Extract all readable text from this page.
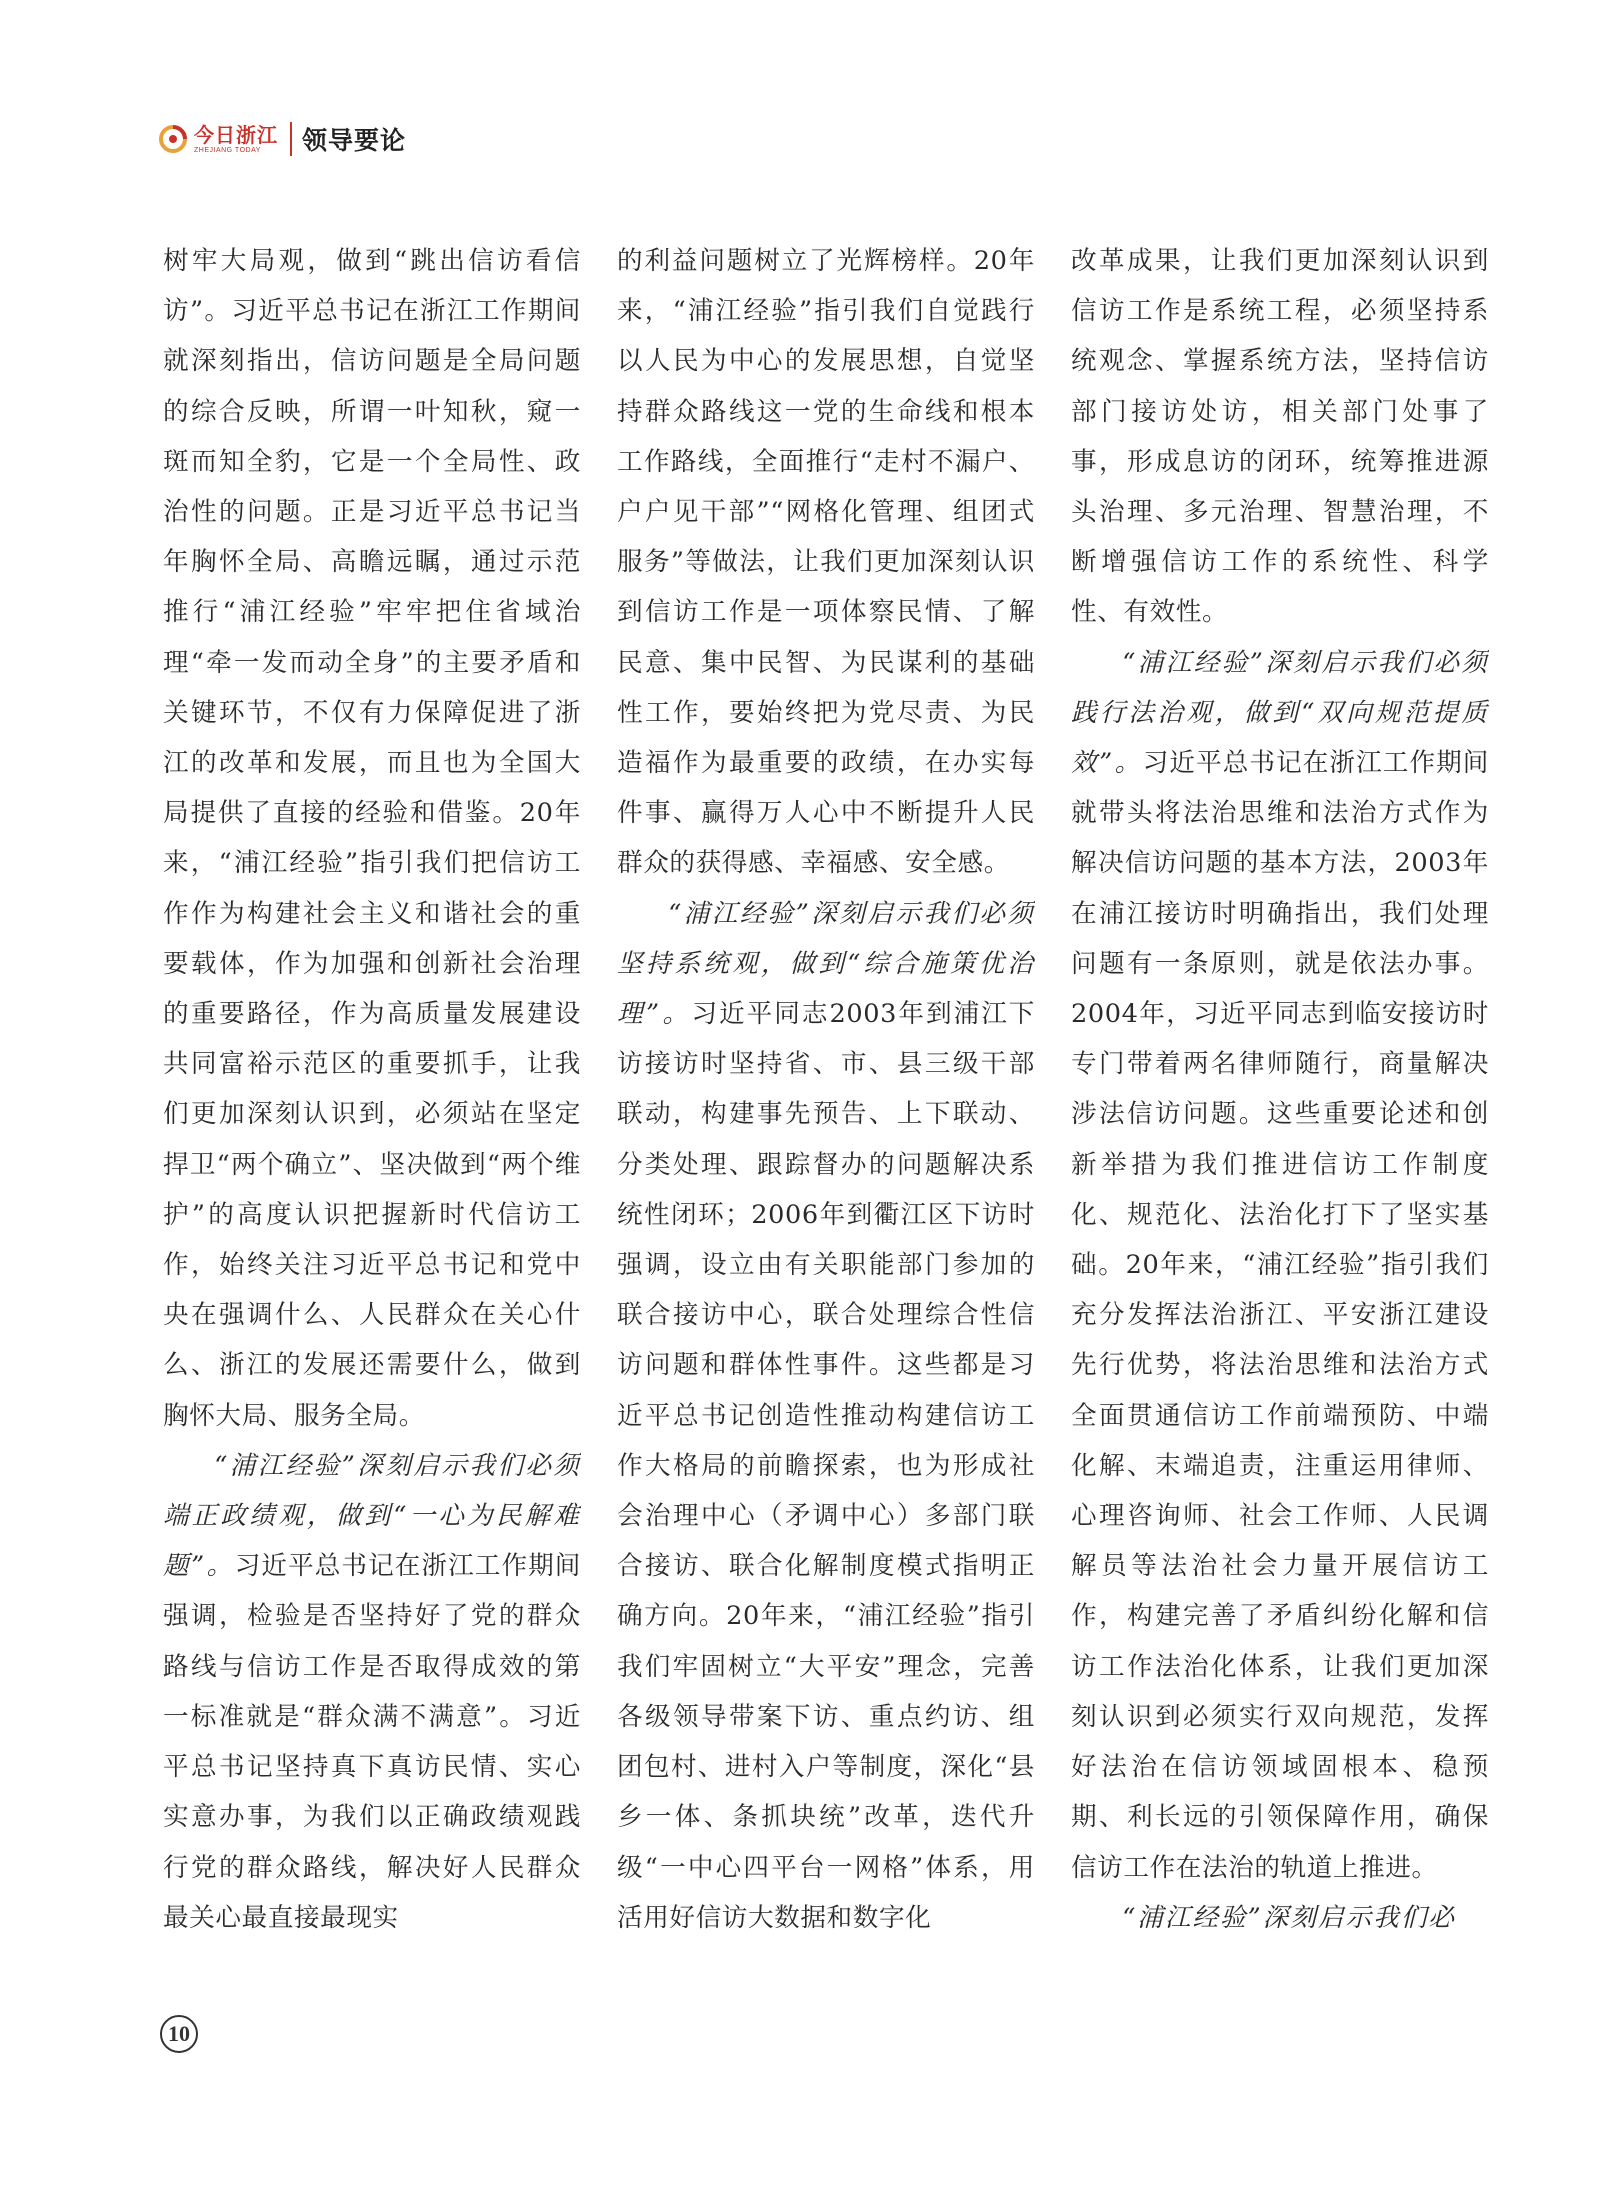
今日浙江
ZHEJIANG TODAY	领导要论

树牢大局观，做到“跳出信访看信访”。习近平总书记在浙江工作期间就深刻指出，信访问题是全局问题的综合反映，所谓一叶知秋，窥一斑而知全豹，它是一个全局性、政治性的问题。正是习近平总书记当年胸怀全局、高瞻远瞩，通过示范推行“浦江经验”牢牢把住省域治理“牵一发而动全身”的主要矛盾和关键环节，不仅有力保障促进了浙江的改革和发展，而且也为全国大局提供了直接的经验和借鉴。20年来，“浦江经验”指引我们把信访工作作为构建社会主义和谐社会的重要载体，作为加强和创新社会治理的重要路径，作为高质量发展建设共同富裕示范区的重要抓手，让我们更加深刻认识到，必须站在坚定捍卫“两个确立”、坚决做到“两个维护”的高度认识把握新时代信访工作，始终关注习近平总书记和党中央在强调什么、人民群众在关心什么、浙江的发展还需要什么，做到胸怀大局、服务全局。

“浦江经验”深刻启示我们必须端正政绩观，做到“一心为民解难题”。习近平总书记在浙江工作期间强调，检验是否坚持好了党的群众路线与信访工作是否取得成效的第一标准就是“群众满不满意”。习近平总书记坚持真下真访民情、实心实意办事，为我们以正确政绩观践行党的群众路线，解决好人民群众最关心最直接最现实

的利益问题树立了光辉榜样。20年来，“浦江经验”指引我们自觉践行以人民为中心的发展思想，自觉坚持群众路线这一党的生命线和根本工作路线，全面推行“走村不漏户、户户见干部”“网格化管理、组团式服务”等做法，让我们更加深刻认识到信访工作是一项体察民情、了解民意、集中民智、为民谋利的基础性工作，要始终把为党尽责、为民造福作为最重要的政绩，在办实每件事、赢得万人心中不断提升人民群众的获得感、幸福感、安全感。

“浦江经验”深刻启示我们必须坚持系统观，做到“综合施策优治理”。习近平同志2003年到浦江下访接访时坚持省、市、县三级干部联动，构建事先预告、上下联动、分类处理、跟踪督办的问题解决系统性闭环；2006年到衢江区下访时强调，设立由有关职能部门参加的联合接访中心，联合处理综合性信访问题和群体性事件。这些都是习近平总书记创造性推动构建信访工作大格局的前瞻探索，也为形成社会治理中心（矛调中心）多部门联合接访、联合化解制度模式指明正确方向。20年来，“浦江经验”指引我们牢固树立“大平安”理念，完善各级领导带案下访、重点约访、组团包村、进村入户等制度，深化“县乡一体、条抓块统”改革，迭代升级“一中心四平台一网格”体系，用活用好信访大数据和数字化

改革成果，让我们更加深刻认识到信访工作是系统工程，必须坚持系统观念、掌握系统方法，坚持信访部门接访处访，相关部门处事了事，形成息访的闭环，统筹推进源头治理、多元治理、智慧治理，不断增强信访工作的系统性、科学性、有效性。

“浦江经验”深刻启示我们必须践行法治观，做到“双向规范提质效”。习近平总书记在浙江工作期间就带头将法治思维和法治方式作为解决信访问题的基本方法，2003年在浦江接访时明确指出，我们处理问题有一条原则，就是依法办事。2004年，习近平同志到临安接访时专门带着两名律师随行，商量解决涉法信访问题。这些重要论述和创新举措为我们推进信访工作制度化、规范化、法治化打下了坚实基础。20年来，“浦江经验”指引我们充分发挥法治浙江、平安浙江建设先行优势，将法治思维和法治方式全面贯通信访工作前端预防、中端化解、末端追责，注重运用律师、心理咨询师、社会工作师、人民调解员等法治社会力量开展信访工作，构建完善了矛盾纠纷化解和信访工作法治化体系，让我们更加深刻认识到必须实行双向规范，发挥好法治在信访领域固根本、稳预期、利长远的引领保障作用，确保信访工作在法治的轨道上推进。

“浦江经验”深刻启示我们必

10
